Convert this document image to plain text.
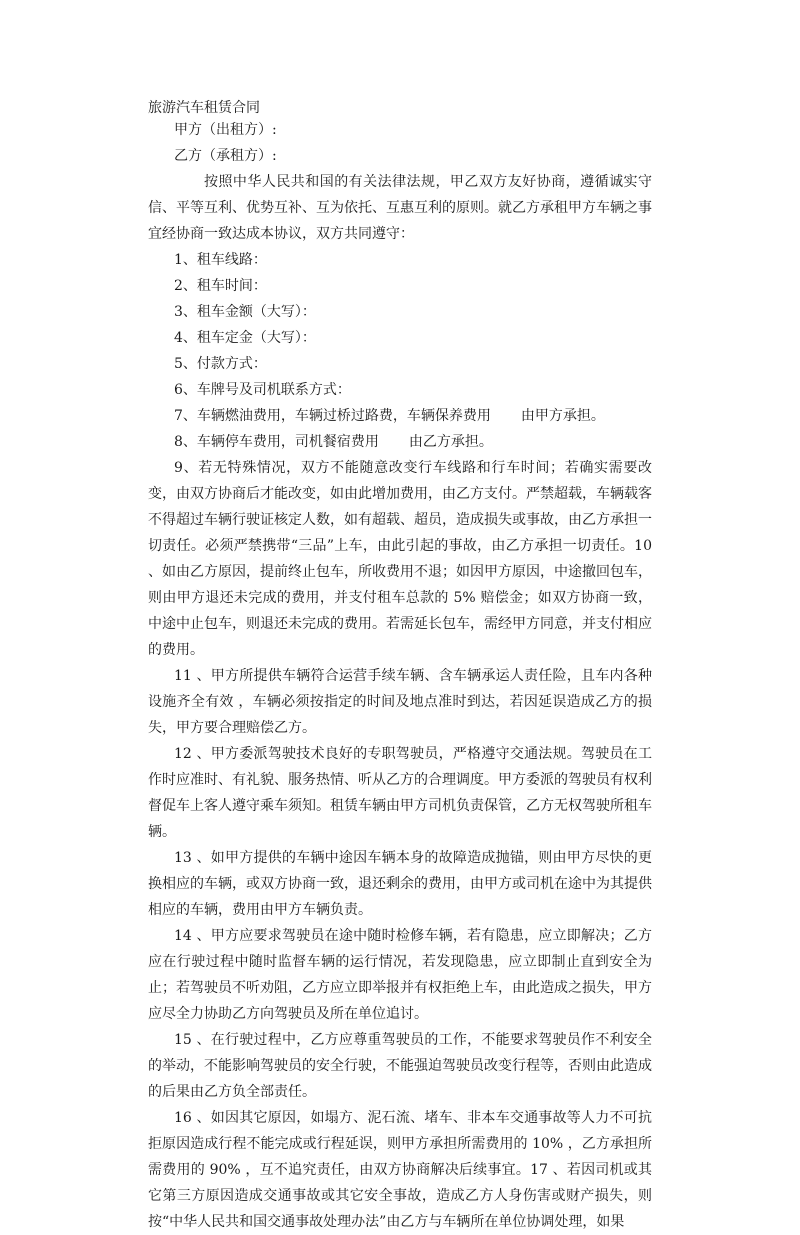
旅游汽车租赁合同

甲方（出租方）:

乙方（承租方）:

按照中华人民共和国的有关法律法规，甲乙双方友好协商，遵循诚实守信、平等互利、优势互补、互为依托、互惠互利的原则。就乙方承租甲方车辆之事宜经协商一致达成本协议，双方共同遵守：

1、租车线路：

2、租车时间：

3、租车金额（大写）：

4、租车定金（大写）：

5、付款方式：

6、车牌号及司机联系方式：

7、车辆燃油费用，车辆过桥过路费，车辆保养费用 由甲方承担。

8、车辆停车费用，司机餐宿费用 由乙方承担。

9、若无特殊情况，双方不能随意改变行车线路和行车时间；若确实需要改变，由双方协商后才能改变，如由此增加费用，由乙方支付。严禁超载，车辆载客不得超过车辆行驶证核定人数，如有超载、超员，造成损失或事故，由乙方承担一切责任。必须严禁携带“三品”上车，由此引起的事故，由乙方承担一切责任。10 、如由乙方原因，提前终止包车，所收费用不退；如因甲方原因，中途撤回包车，则由甲方退还未完成的费用，并支付租车总款的 5% 赔偿金；如双方协商一致，中途中止包车，则退还未完成的费用。若需延长包车，需经甲方同意，并支付相应的费用。

11 、甲方所提供车辆符合运营手续车辆、含车辆承运人责任险，且车内各种设施齐全有效 ，车辆必须按指定的时间及地点准时到达，若因延误造成乙方的损失，甲方要合理赔偿乙方。

12 、甲方委派驾驶技术良好的专职驾驶员，严格遵守交通法规。驾驶员在工作时应准时、有礼貌、服务热情、听从乙方的合理调度。甲方委派的驾驶员有权利督促车上客人遵守乘车须知。租赁车辆由甲方司机负责保管，乙方无权驾驶所租车辆。

13 、如甲方提供的车辆中途因车辆本身的故障造成抛锚，则由甲方尽快的更换相应的车辆，或双方协商一致，退还剩余的费用，由甲方或司机在途中为其提供相应的车辆，费用由甲方车辆负责。

14 、甲方应要求驾驶员在途中随时检修车辆，若有隐患，应立即解决；乙方应在行驶过程中随时监督车辆的运行情况，若发现隐患，应立即制止直到安全为止；若驾驶员不听劝阻，乙方应立即举报并有权拒绝上车，由此造成之损失，甲方应尽全力协助乙方向驾驶员及所在单位追讨。

15 、在行驶过程中，乙方应尊重驾驶员的工作，不能要求驾驶员作不利安全的举动，不能影响驾驶员的安全行驶，不能强迫驾驶员改变行程等，否则由此造成的后果由乙方负全部责任。

16 、如因其它原因，如塌方、泥石流、堵车、非本车交通事故等人力不可抗拒原因造成行程不能完成或行程延误，则甲方承担所需费用的 10% ，乙方承担所需费用的 90% ，互不追究责任，由双方协商解决后续事宜。17 、若因司机或其它第三方原因造成交通事故或其它安全事故，造成乙方人身伤害或财产损失，则按“中华人民共和国交通事故处理办法”由乙方与车辆所在单位协调处理，如果
